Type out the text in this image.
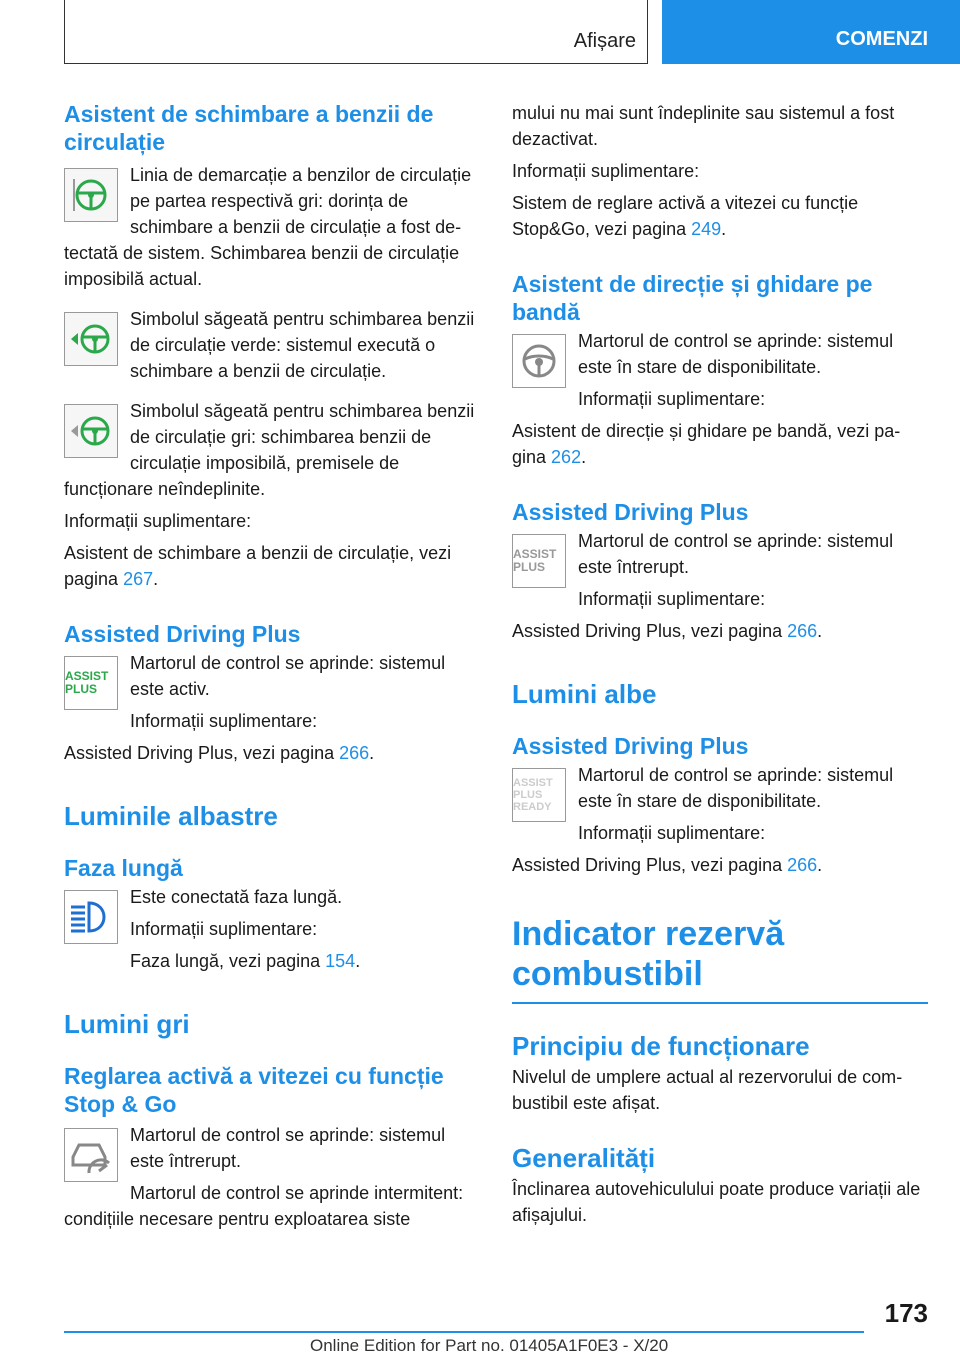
Afișare	COMENZI
Asistent de schimbare a benzii de circulație

Linia de demarcație a benzilor de circulație pe partea respectivă gri: dorința de schimbare a benzii de circulație a fost detectată de sistem. Schimbarea benzii de circulație imposibilă actual.

Simbolul săgeată pentru schimbarea benzii de circulație verde: sistemul execută o schimbare a benzii de circulație.

Simbolul săgeată pentru schimbarea benzii de circulație gri: schimbarea benzii de circulație imposibilă, premisele de funcționare neîndeplinite.

Informații suplimentare:

Asistent de schimbare a benzii de circulație, vezi pagina 267.

Assisted Driving Plus
ASSIST PLUS

Martorul de control se aprinde: sistemul este activ.

Informații suplimentare:

Assisted Driving Plus, vezi pagina 266.

Luminile albastre
Faza lungă

Este conectată faza lungă.

Informații suplimentare:

Faza lungă, vezi pagina 154.

Lumini gri
Reglarea activă a vitezei cu funcție Stop & Go

Martorul de control se aprinde: sistemul este întrerupt.

Martorul de control se aprinde intermitent: condițiile necesare pentru exploatarea siste

mului nu mai sunt îndeplinite sau sistemul a fost dezactivat.

Informații suplimentare:

Sistem de reglare activă a vitezei cu funcție Stop&Go, vezi pagina 249.

Asistent de direcție și ghidare pe bandă

Martorul de control se aprinde: sistemul este în stare de disponibilitate.

Informații suplimentare:

Asistent de direcție și ghidare pe bandă, vezi pagina 262.

Assisted Driving Plus
ASSIST PLUS

Martorul de control se aprinde: sistemul este întrerupt.

Informații suplimentare:

Assisted Driving Plus, vezi pagina 266.

Lumini albe
Assisted Driving Plus
ASSIST PLUS READY

Martorul de control se aprinde: sistemul este în stare de disponibilitate.

Informații suplimentare:

Assisted Driving Plus, vezi pagina 266.

Indicator rezervă combustibil
Principiu de funcționare

Nivelul de umplere actual al rezervorului de combustibil este afișat.

Generalități

Înclinarea autovehiculului poate produce variații ale afișajului.

173
Online Edition for Part no. 01405A1F0E3 - X/20
